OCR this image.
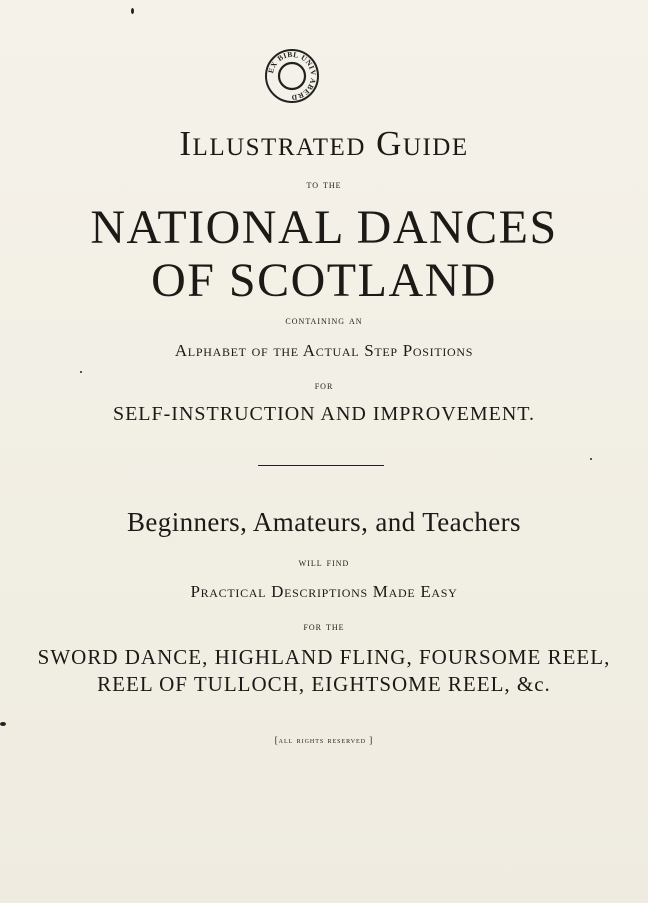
EX BIBL UNIV ABERD
Illustrated Guide
to the
NATIONAL DANCES
OF SCOTLAND
containing an
Alphabet of the Actual Step Positions
for
SELF-INSTRUCTION AND IMPROVEMENT.
Beginners, Amateurs, and Teachers
will find
Practical Descriptions Made Easy
for the
SWORD DANCE, HIGHLAND FLING, FOURSOME REEL,
REEL OF TULLOCH, EIGHTSOME REEL, &c.
[all rights reserved ]
